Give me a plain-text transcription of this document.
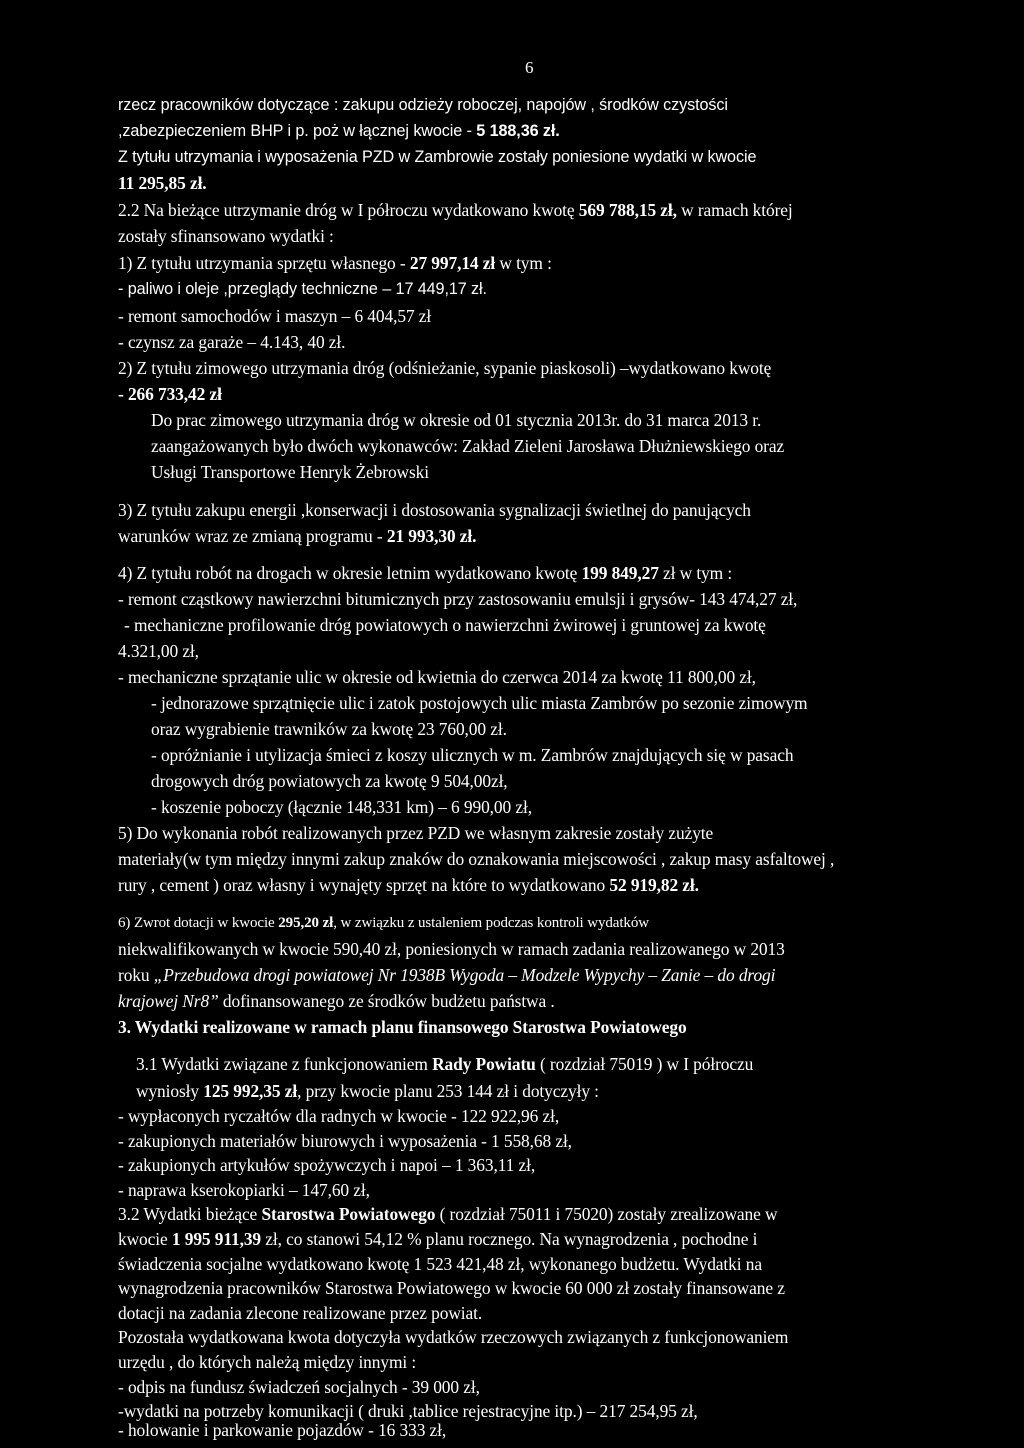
6
rzecz pracowników dotyczące : zakupu odzieży roboczej, napojów , środków czystości
,zabezpieczeniem BHP i p. poż w łącznej kwocie - 5 188,36 zł.
Z tytułu utrzymania i wyposażenia PZD w Zambrowie zostały poniesione wydatki w kwocie
11 295,85 zł.
2.2 Na bieżące utrzymanie dróg w I półroczu wydatkowano kwotę 569 788,15 zł, w ramach której
zostały sfinansowano wydatki :
1) Z tytułu utrzymania sprzętu własnego - 27 997,14 zł w tym :
- paliwo i oleje ,przeglądy techniczne – 17 449,17 zł.
- remont samochodów i maszyn – 6 404,57 zł
- czynsz za garaże – 4.143, 40 zł.
2) Z tytułu zimowego utrzymania dróg (odśnieżanie, sypanie piaskosoli) –wydatkowano kwotę
- 266 733,42 zł
Do prac zimowego utrzymania dróg w okresie od 01 stycznia 2013r. do 31 marca 2013 r.
zaangażowanych było dwóch wykonawców: Zakład Zieleni Jarosława Dłużniewskiego oraz
Usługi Transportowe Henryk Żebrowski
3) Z tytułu zakupu energii ,konserwacji i dostosowania sygnalizacji świetlnej do panujących
warunków wraz ze zmianą programu - 21 993,30 zł.
4) Z tytułu robót na drogach w okresie letnim wydatkowano kwotę 199 849,27 zł w tym :
- remont cząstkowy nawierzchni bitumicznych przy zastosowaniu emulsji i grysów- 143 474,27 zł,
- mechaniczne profilowanie dróg powiatowych o nawierzchni żwirowej i gruntowej za kwotę
4.321,00 zł,
- mechaniczne sprzątanie ulic w okresie od kwietnia do czerwca 2014 za kwotę 11 800,00 zł,
- jednorazowe sprzątnięcie ulic i zatok postojowych ulic miasta Zambrów po sezonie zimowym
oraz wygrabienie trawników za kwotę 23 760,00 zł.
- opróżnianie i utylizacja śmieci z koszy ulicznych w m. Zambrów znajdujących się w pasach
drogowych dróg powiatowych za kwotę 9 504,00zł,
- koszenie poboczy (łącznie 148,331 km) – 6 990,00 zł,
5) Do wykonania robót realizowanych przez PZD we własnym zakresie zostały zużyte
materiały(w tym między innymi zakup znaków do oznakowania miejscowości , zakup masy asfaltowej ,
rury , cement ) oraz własny i wynajęty sprzęt na które to wydatkowano 52 919,82 zł.
6) Zwrot dotacji w kwocie 295,20 zł, w związku z ustaleniem podczas kontroli wydatków
niekwalifikowanych w kwocie 590,40 zł, poniesionych w ramach zadania realizowanego w 2013
roku „Przebudowa drogi powiatowej Nr 1938B Wygoda – Modzele Wypychy – Zanie – do drogi
krajowej Nr8” dofinansowanego ze środków budżetu państwa .
3. Wydatki realizowane w ramach planu finansowego Starostwa Powiatowego
3.1 Wydatki związane z funkcjonowaniem Rady Powiatu ( rozdział 75019 ) w I półroczu
wyniosły 125 992,35 zł, przy kwocie planu 253 144 zł i dotyczyły :
- wypłaconych ryczałtów dla radnych w kwocie - 122 922,96 zł,
- zakupionych materiałów biurowych i wyposażenia - 1 558,68 zł,
- zakupionych artykułów spożywczych i napoi – 1 363,11 zł,
- naprawa kserokopiarki – 147,60 zł,
3.2 Wydatki bieżące Starostwa Powiatowego ( rozdział 75011 i 75020) zostały zrealizowane w
kwocie 1 995 911,39 zł, co stanowi 54,12 % planu rocznego. Na wynagrodzenia , pochodne i
świadczenia socjalne wydatkowano kwotę 1 523 421,48 zł, wykonanego budżetu. Wydatki na
wynagrodzenia pracowników Starostwa Powiatowego w kwocie 60 000 zł zostały finansowane z
dotacji na zadania zlecone realizowane przez powiat.
Pozostała wydatkowana kwota dotyczyła wydatków rzeczowych związanych z funkcjonowaniem
urzędu , do których należą między innymi :
- odpis na fundusz świadczeń socjalnych - 39 000 zł,
-wydatki na potrzeby komunikacji ( druki ,tablice rejestracyjne itp.) – 217 254,95 zł,
- holowanie i parkowanie pojazdów - 16 333 zł,
